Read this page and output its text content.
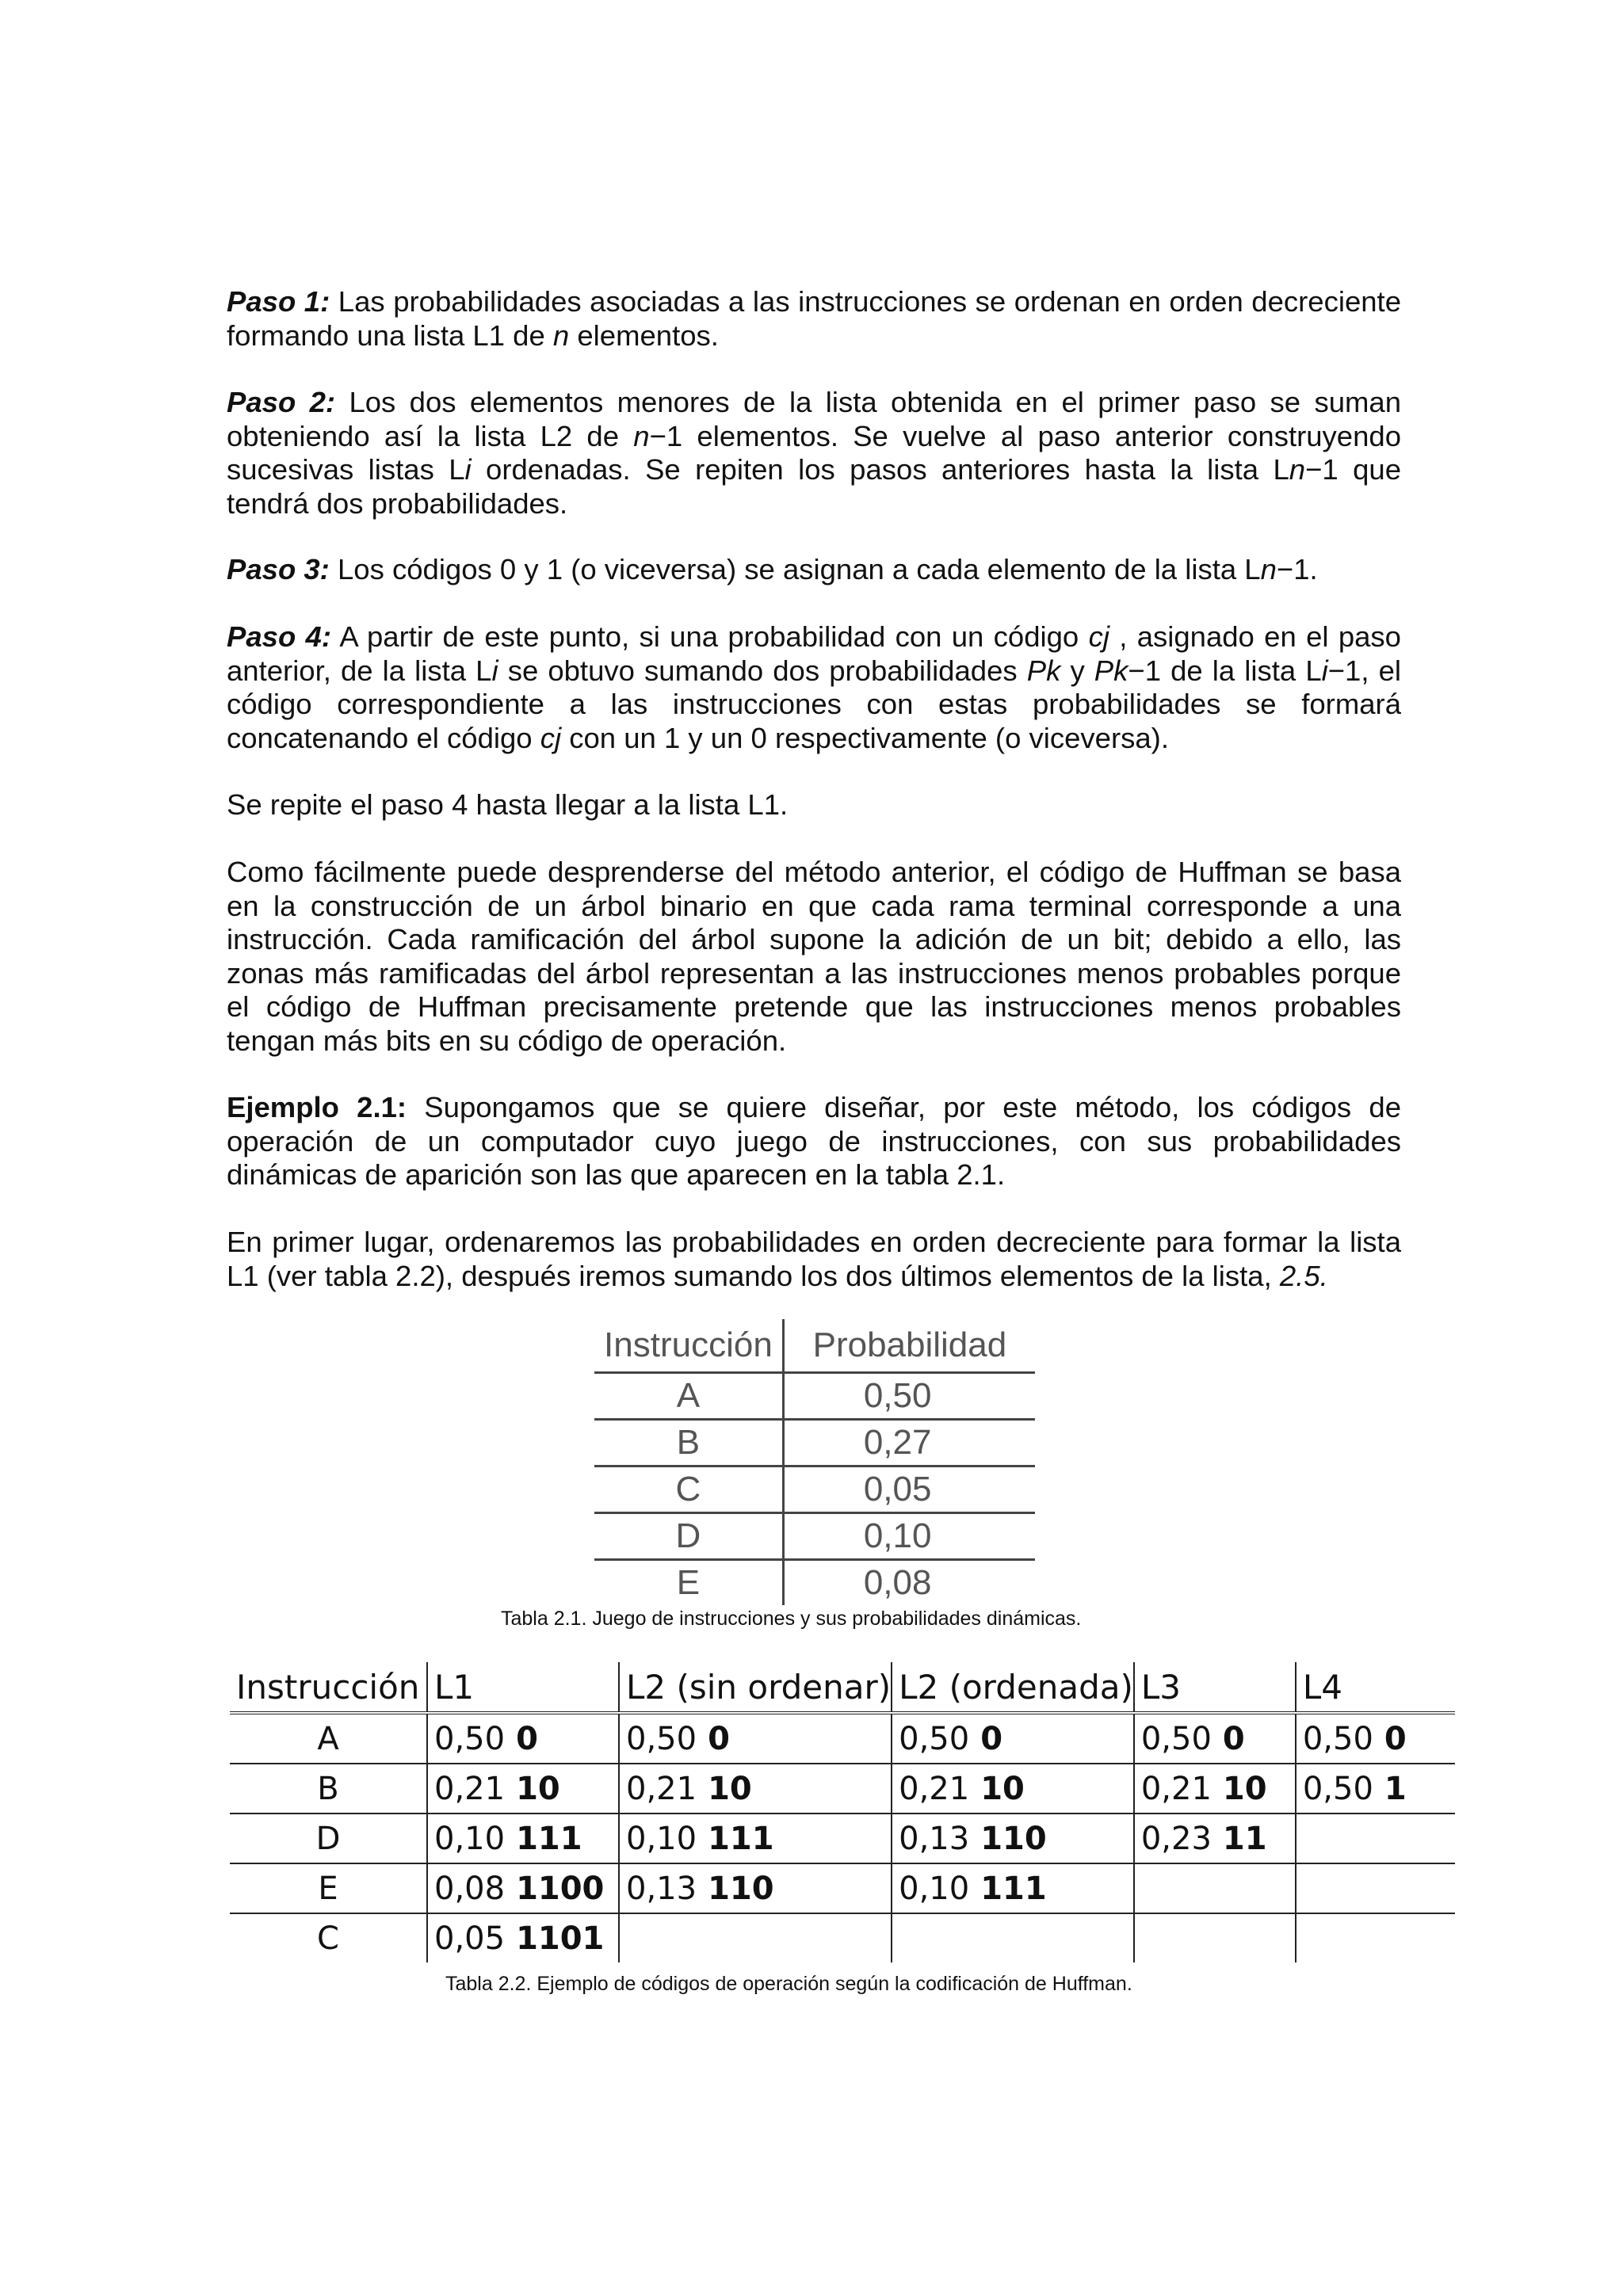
Paso 1: Las probabilidades asociadas a las instrucciones se ordenan en orden decreciente formando una lista L1 de n elementos.

Paso 2: Los dos elementos menores de la lista obtenida en el primer paso se suman obteniendo así la lista L2 de n−1 elementos. Se vuelve al paso anterior construyendo sucesivas listas Li ordenadas. Se repiten los pasos anteriores hasta la lista Ln−1 que tendrá dos probabilidades.

Paso 3: Los códigos 0 y 1 (o viceversa) se asignan a cada elemento de la lista Ln−1.

Paso 4: A partir de este punto, si una probabilidad con un código cj , asignado en el paso anterior, de la lista Li se obtuvo sumando dos probabilidades Pk y Pk−1 de la lista Li−1, el código correspondiente a las instrucciones con estas probabilidades se formará concatenando el código cj con un 1 y un 0 respectivamente (o viceversa).

Se repite el paso 4 hasta llegar a la lista L1.

Como fácilmente puede desprenderse del método anterior, el código de Huffman se basa en la construcción de un árbol binario en que cada rama terminal corresponde a una instrucción. Cada ramificación del árbol supone la adición de un bit; debido a ello, las zonas más ramificadas del árbol representan a las instrucciones menos probables porque el código de Huffman precisamente pretende que las instrucciones menos probables tengan más bits en su código de operación.

Ejemplo 2.1: Supongamos que se quiere diseñar, por este método, los códigos de operación de un computador cuyo juego de instrucciones, con sus probabilidades dinámicas de aparición son las que aparecen en la tabla 2.1.

En primer lugar, ordenaremos las probabilidades en orden decreciente para formar la lista L1 (ver tabla 2.2), después iremos sumando los dos últimos elementos de la lista, 2.5.

Instrucción	Probabilidad
A	0,50
B	0,27
C	0,05
D	0,10
E	0,08
Tabla 2.1. Juego de instrucciones y sus probabilidades dinámicas.
Instrucción	L1	L2 (sin ordenar)	L2 (ordenada)	L3	L4
A	0,50 0	0,50 0	0,50 0	0,50 0	0,50 0
B	0,21 10	0,21 10	0,21 10	0,21 10	0,50 1
D	0,10 111	0,10 111	0,13 110	0,23 11	
E	0,08 1100	0,13 110	0,10 111		
C	0,05 1101				
Tabla 2.2. Ejemplo de códigos de operación según la codificación de Huffman.
